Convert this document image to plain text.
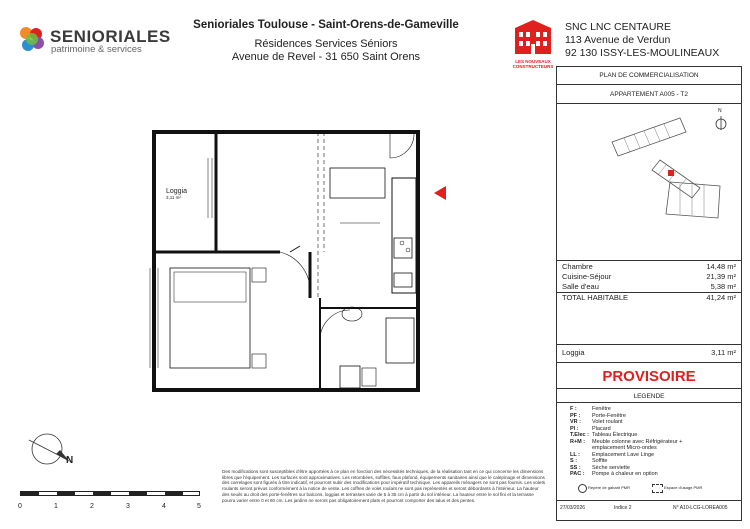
SENIORIALES
patrimoine & services
Senioriales Toulouse - Saint-Orens-de-Gameville
Résidences Services Séniors
Avenue de Revel - 31 650 Saint Orens	LES NOUVEAUX
CONSTRUCTEURS
SNC LNC CENTAURE
113 Avenue de Verdun
92 130 ISSY-LES-MOULINEAUX
PLAN DE COMMERCIALISATION
APPARTEMENT A005 - T2
N
Chambre	14,48 m²
Cuisine-Séjour	21,39 m²
Salle d'eau	5,38 m²
TOTAL HABITABLE	41,24 m²
Loggia	3,11 m²
PROVISOIRE
LEGENDE
F :	Fenêtre
PF :	Porte-Fenêtre
VR :	Volet roulant
Pl :	Placard
T.Elec : Tableau Électrique
R+M :	Meuble colonne avec Réfrigérateur + emplacement Micro-ondes
LL :	Emplacement Lave Linge
S :	Soffite
SS :	Sèche serviette
PAC :	Pompe à chaleur en option
Repère de gabarit PMR	Espace d'usage PMR
27/03/2026	Indice 2	N° A10-LCG-LOREA005
Loggia
3,11 m²
N
0	1	2	3	4	5
Des modifications sont susceptibles d'être apportées à ce plan en fonction des nécessités techniques, de la réalisation tant en ce qui concerne les dimensions libres que l'équipement. Les surfaces sont approximatives. Les retombées, soffites, faux plafond, équipements sanitaires ainsi que le calepinage et dimensions des carrelages sont figurés à titre indicatif, et pourront subir des modifications pour impératif technique. Les appareils ménagers ne sont pas fournis. Les volets roulants seront prévus conformément à la notice de vente. Les coffres de volet roulant ne sont pas représentés et seront débordants à l'intérieur. La hauteur des seuils au droit des porte-fenêtres sur balcons, loggias et terrasses varie de 5 à 35 cm à partir du sol intérieur. La hauteur entre le sol fini et la terrasse pourra varier entre 0 et 60 cm. Les jardins ne seront pas obligatoirement plats et pourront comporter des talus et des pentes.
